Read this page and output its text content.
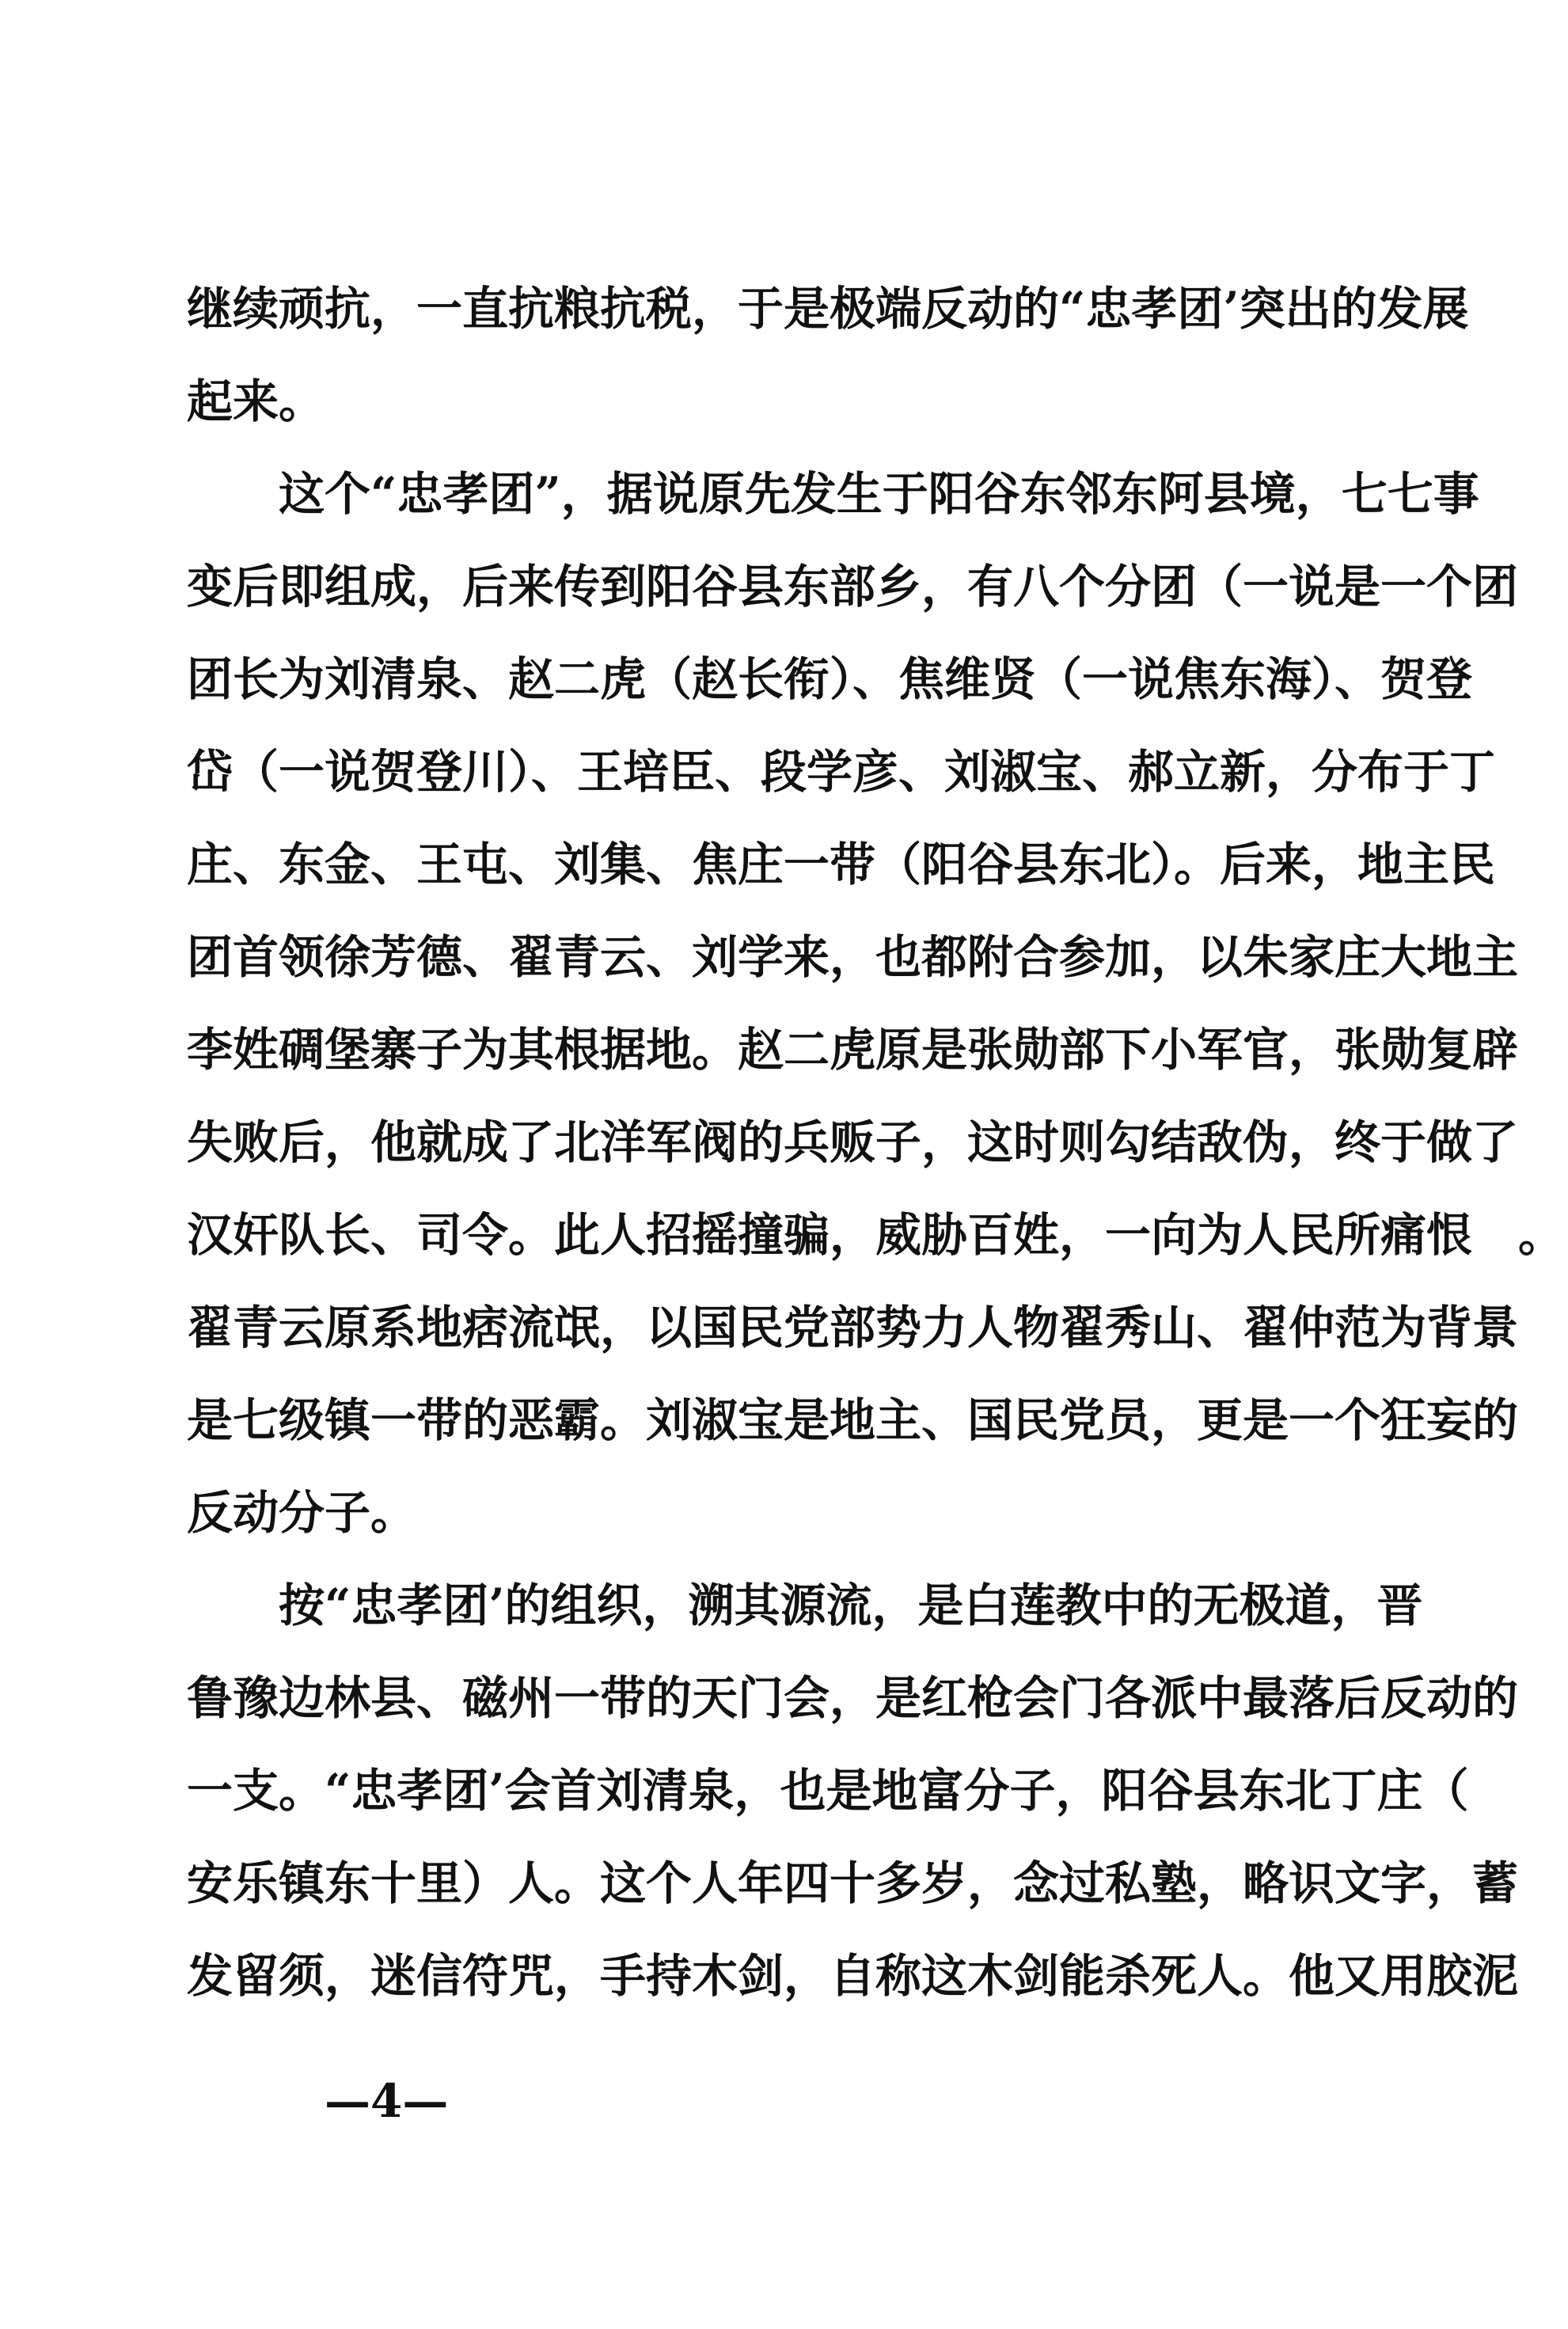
继续顽抗，一直抗粮抗税，于是极端反动的“忠孝团’突出的发展
起来。
　　这个“忠孝团”，据说原先发生于阳谷东邻东阿县境，七七事
变后即组成，后来传到阳谷县东部乡，有八个分团（一说是一个团
团长为刘清泉、赵二虎（赵长衔）、焦维贤（一说焦东海）、贺登
岱（一说贺登川）、王培臣、段学彦、刘淑宝、郝立新，分布于丁
庄、东金、王屯、刘集、焦庄一带（阳谷县东北）。后来，地主民
团首领徐芳德、翟青云、刘学来，也都附合参加，以朱家庄大地主
李姓碉堡寨子为其根据地。赵二虎原是张勋部下小军官，张勋复辟
失败后，他就成了北洋军阀的兵贩子，这时则勾结敌伪，终于做了
汉奸队长、司令。此人招摇撞骗，威胁百姓，一向为人民所痛恨　。
翟青云原系地痞流氓，以国民党部势力人物翟秀山、翟仲范为背景
是七级镇一带的恶霸。刘淑宝是地主、国民党员，更是一个狂妄的
反动分子。
　　按“忠孝团’的组织，溯其源流，是白莲教中的无极道，晋
鲁豫边林县、磁州一带的天门会，是红枪会门各派中最落后反动的
一支。“忠孝团’会首刘清泉，也是地富分子，阳谷县东北丁庄（
安乐镇东十里）人。这个人年四十多岁，念过私塾，略识文字，蓄
发留须，迷信符咒，手持木剑，自称这木剑能杀死人。他又用胶泥
—4—
